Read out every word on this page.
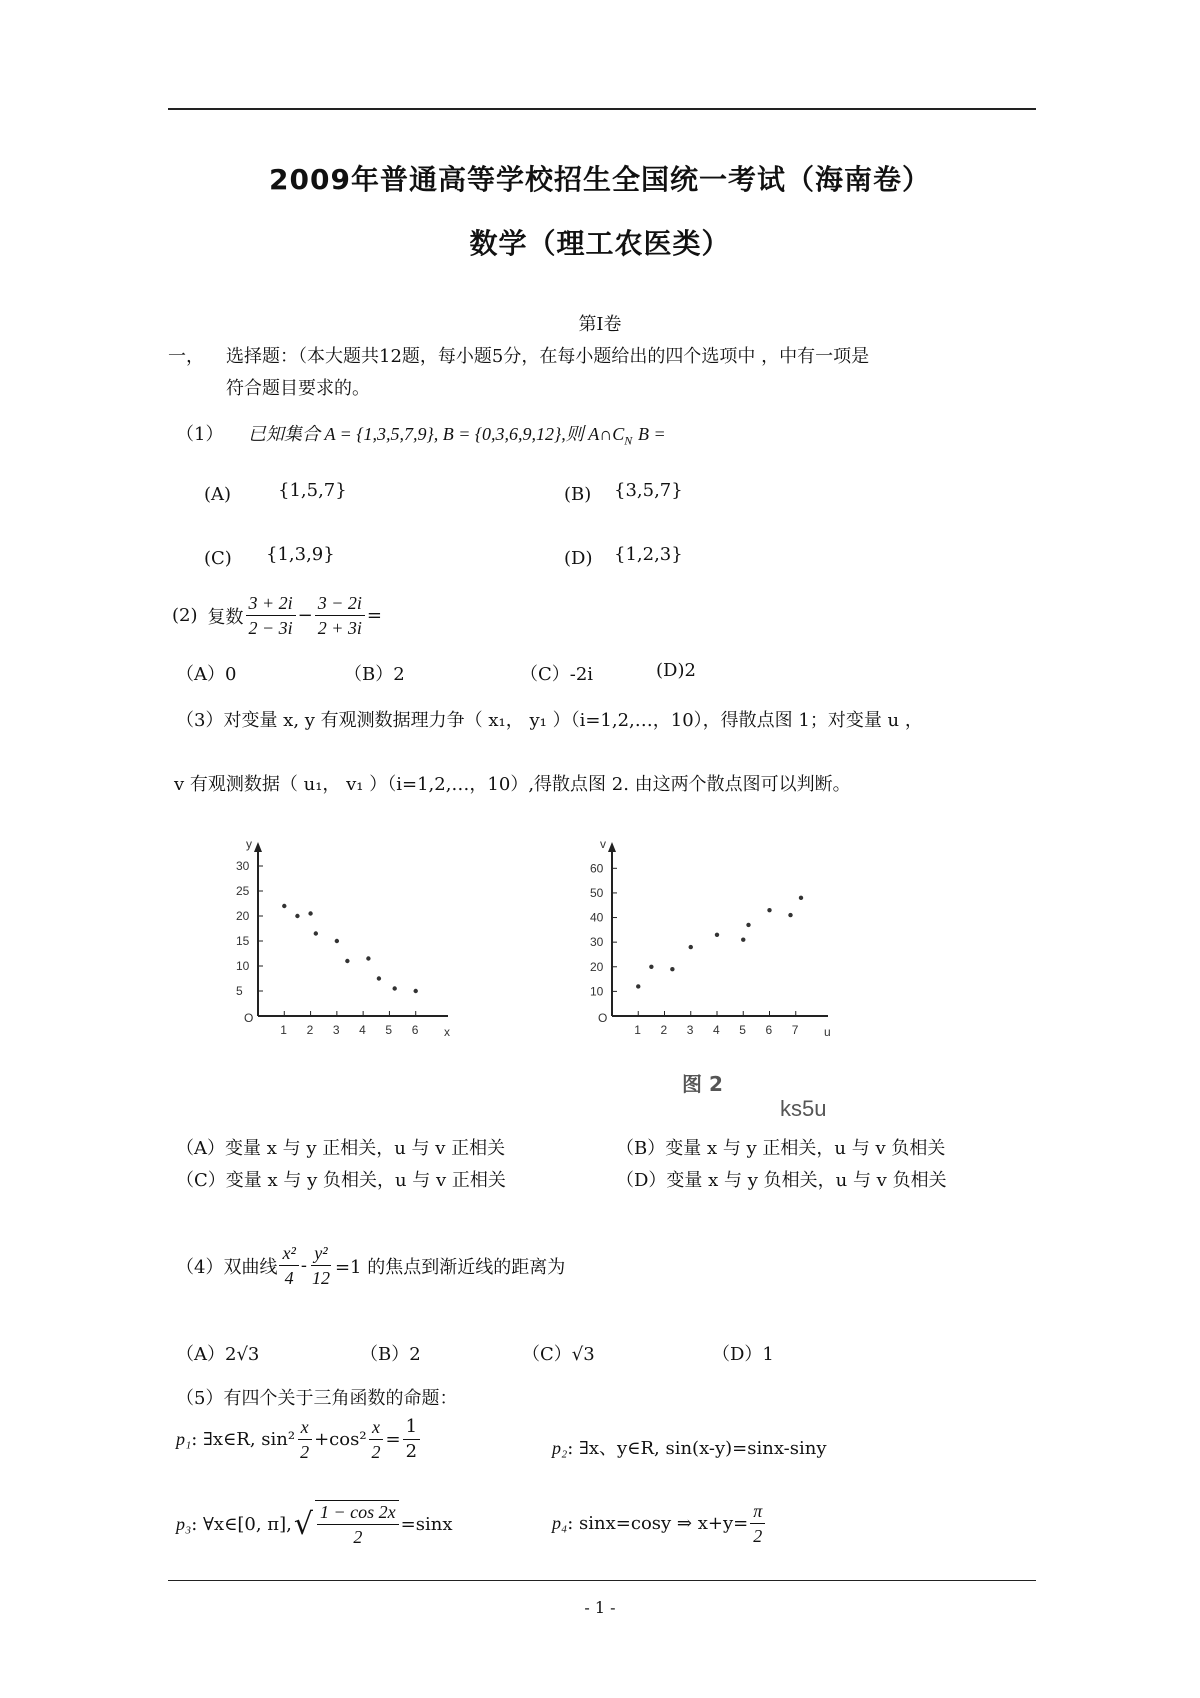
2009年普通高等学校招生全国统一考试（海南卷）
数学（理工农医类）
第I卷
一， 选择题：（本大题共12题，每小题5分，在每小题给出的四个选项中 ，中有一项是
符合题目要求的。
（1） 已知集合 A = {1,3,5,7,9}, B = {0,3,6,9,12},则 $A\cap C_N$ B =
(A)	{1,5,7}	(B) {3,5,7}
(C) {1,3,9}	(D) {1,2,3}
(2) 复数 $\frac{3 + 2i}{2 - 3i} - \frac{3 - 2i}{2 + 3i}$ =
（A）0	（B）2	（C）-2i	(D)2
（3）对变量 x, y 有观测数据理力争（ x₁， y₁ ）（i=1,2,…，10），得散点图 1；对变量 u ，
v 有观测数据（ u₁， v₁ ）（i=1,2,…，10）,得散点图 2. 由这两个散点图可以判断。
O
y
x
1 2 3 4 5 6
5
10
15
20
25
30
O
v
u
1 2 3 4 5 6 7
10
20
30
40
50
60
图 2
ks5u
（A）变量 x 与 y 正相关，u 与 v 正相关	（B）变量 x 与 y 正相关，u 与 v 负相关
（C）变量 x 与 y 负相关，u 与 v 正相关	（D）变量 x 与 y 负相关，u 与 v 负相关
（4）双曲线 $\frac{\text{x²}}{4} - \frac{\text{y²}}{12} =1$ 的焦点到渐近线的距离为
（A）2√3	（B）2	（C）√3	（D）1
（5）有四个关于三角函数的命题：
p₁ : ∃x∈R, $\sin^2 \frac{x}{2} +\cos^2 \frac{x}{2} = \frac{1}{2}$	p₂: ∃x、y∈R, sin(x-y)=sinx-siny
p₃ : ∀x∈[0, π], √ $\frac{1 - \cos 2x}{2} =\sin x$	p₄ : sinx=cosy ⇒ $x+y= \frac{\pi}{2}$
- 1 -
